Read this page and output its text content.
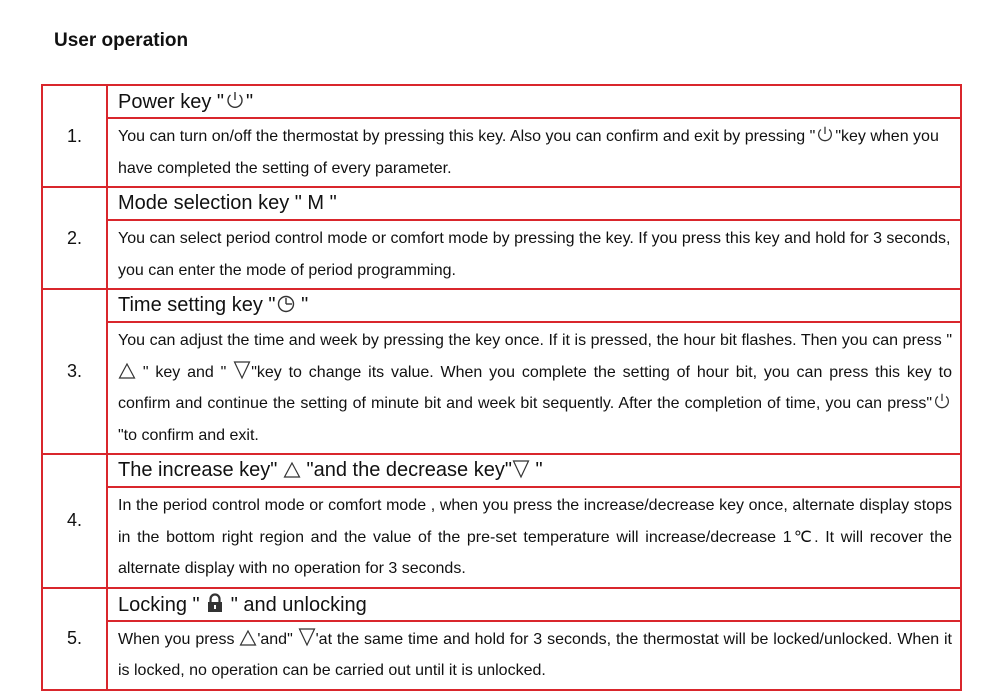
User operation
1.	Power key " "
	You can turn on/off the thermostat by pressing this key. Also you can confirm and exit by pressing " "key when you have completed the setting of every parameter.
2.	Mode selection key " M "
	You can select period control mode or comfort mode by pressing the key. If you press this key and hold for 3 seconds, you can enter the mode of period programming.
3.	Time setting key "
"
	You can adjust the time and week by pressing the key once. If it is pressed, the hour bit flashes. Then you can press "
" key and "
"key to change its value. When you complete the setting of hour bit, you can press this key to confirm and continue the setting of minute bit and week bit sequently. After the completion of time, you can press"
"to confirm and exit.
4.	The increase key"
"and the decrease key"
"
	In the period control mode or comfort mode , when you press the increase/decrease key once, alternate display stops in the bottom right region and the value of the pre-set temperature will increase/decrease 1℃. It will recover the alternate display with no operation for 3 seconds.
5.	Locking "
" and unlocking
	When you press
'and"
'at the same time and hold for 3 seconds, the thermostat will be locked/unlocked. When it is locked, no operation can be carried out until it is unlocked.
